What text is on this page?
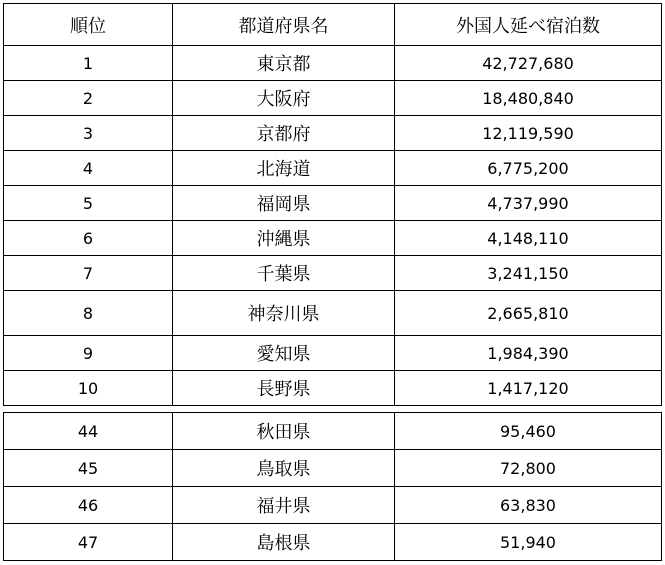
順位	都道府県名	外国人延べ宿泊数
1	東京都	42,727,680
2	大阪府	18,480,840
3	京都府	12,119,590
4	北海道	6,775,200
5	福岡県	4,737,990
6	沖縄県	4,148,110
7	千葉県	3,241,150
8	神奈川県	2,665,810
9	愛知県	1,984,390
10	長野県	1,417,120
44	秋田県	95,460
45	鳥取県	72,800
46	福井県	63,830
47	島根県	51,940
